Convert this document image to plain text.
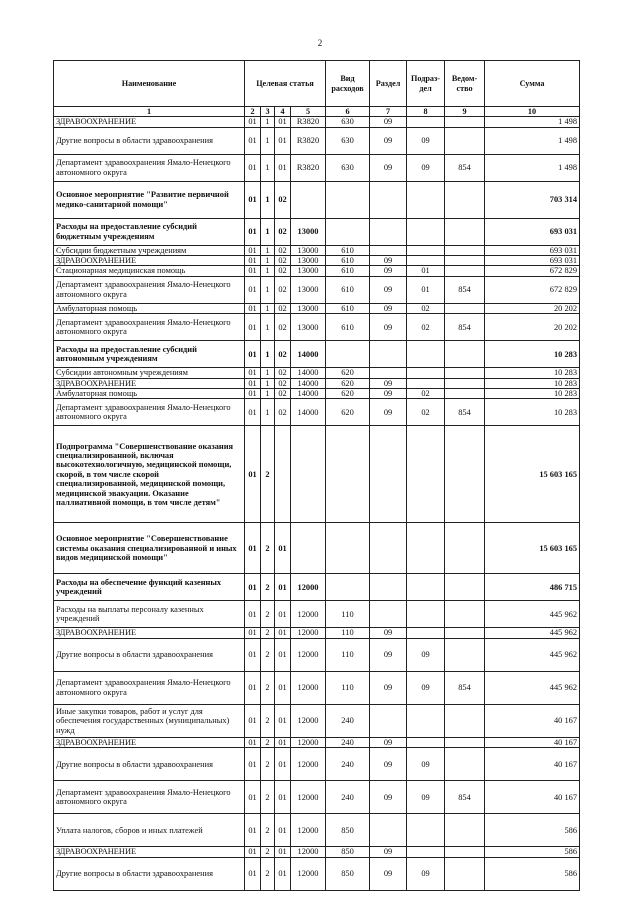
2
Наименование	Целевая статья				Вид расходов	Раздел	Подраз-дел	Ведом-ство	Сумма
1	2	3	4	5	6	7	8	9	10
ЗДРАВООХРАНЕНИЕ	01	1	01	R3820	630	09			1 498
Другие вопросы в области здравоохранения	01	1	01	R3820	630	09	09		1 498
Департамент здравоохранения Ямало-Ненецкого автономного округа	01	1	01	R3820	630	09	09	854	1 498
Основное мероприятие "Развитие первичной медико-санитарной помощи"	01	1	02						703 314
Расходы на предоставление субсидий бюджетным учреждениям	01	1	02	13000					693 031
Субсидии бюджетным учреждениям	01	1	02	13000	610				693 031
ЗДРАВООХРАНЕНИЕ	01	1	02	13000	610	09			693 031
Стационарная медицинская помощь	01	1	02	13000	610	09	01		672 829
Департамент здравоохранения Ямало-Ненецкого автономного округа	01	1	02	13000	610	09	01	854	672 829
Амбулаторная помощь	01	1	02	13000	610	09	02		20 202
Департамент здравоохранения Ямало-Ненецкого автономного округа	01	1	02	13000	610	09	02	854	20 202
Расходы на предоставление субсидий автономным учреждениям	01	1	02	14000					10 283
Субсидии автономным учреждениям	01	1	02	14000	620				10 283
ЗДРАВООХРАНЕНИЕ	01	1	02	14000	620	09			10 283
Амбулаторная помощь	01	1	02	14000	620	09	02		10 283
Департамент здравоохранения Ямало-Ненецкого автономного округа	01	1	02	14000	620	09	02	854	10 283
Подпрограмма "Совершенствование оказания специализированной, включая высокотехнологичную, медицинской помощи, скорой, в том числе скорой специализированной, медицинской помощи, медицинской эвакуации. Оказание паллиативной помощи, в том числе детям"	01	2							15 603 165
Основное мероприятие "Совершенствование системы оказания специализированной и иных видов медицинской помощи"	01	2	01						15 603 165
Расходы на обеспечение функций казенных учреждений	01	2	01	12000					486 715
Расходы на выплаты персоналу казенных учреждений	01	2	01	12000	110				445 962
ЗДРАВООХРАНЕНИЕ	01	2	01	12000	110	09			445 962
Другие вопросы в области здравоохранения	01	2	01	12000	110	09	09		445 962
Департамент здравоохранения Ямало-Ненецкого автономного округа	01	2	01	12000	110	09	09	854	445 962
Иные закупки товаров, работ и услуг для обеспечения государственных (муниципальных) нужд	01	2	01	12000	240				40 167
ЗДРАВООХРАНЕНИЕ	01	2	01	12000	240	09			40 167
Другие вопросы в области здравоохранения	01	2	01	12000	240	09	09		40 167
Департамент здравоохранения Ямало-Ненецкого автономного округа	01	2	01	12000	240	09	09	854	40 167
Уплата налогов, сборов и иных платежей	01	2	01	12000	850				586
ЗДРАВООХРАНЕНИЕ	01	2	01	12000	850	09			586
Другие вопросы в области здравоохранения	01	2	01	12000	850	09	09		586
